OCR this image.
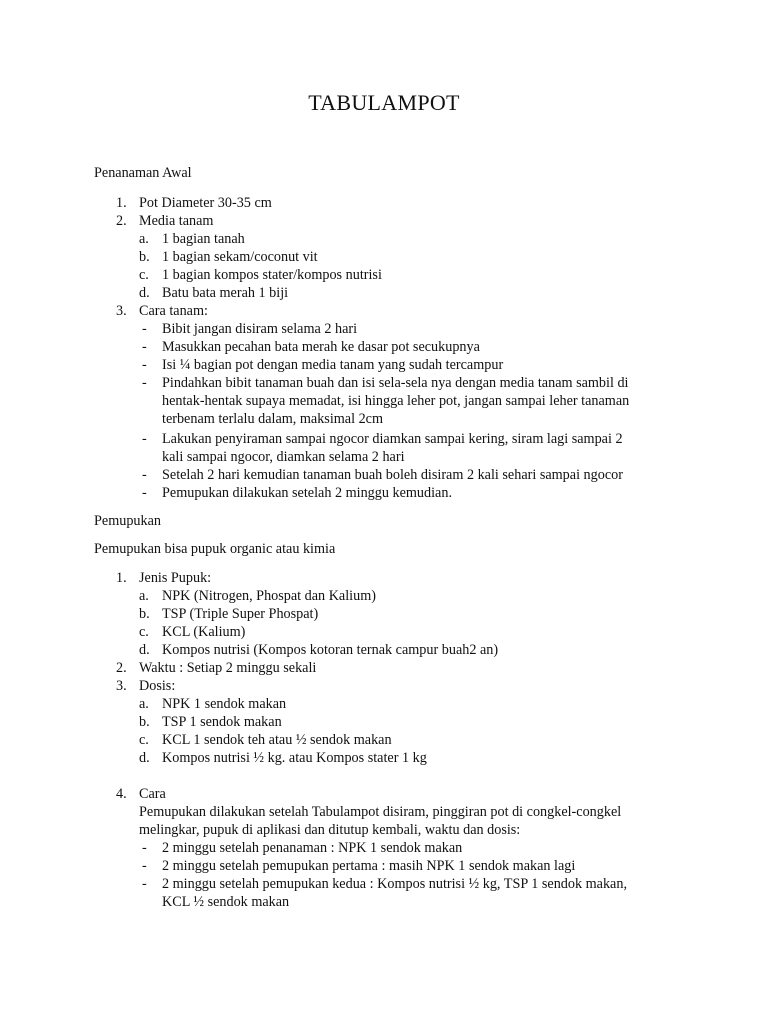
TABULAMPOT
Penanaman Awal
1. Pot Diameter 30-35 cm
2. Media tanam
a. 1 bagian tanah
b. 1 bagian sekam/coconut vit
c. 1 bagian kompos stater/kompos nutrisi
d. Batu bata merah 1 biji
3. Cara tanam:
- Bibit jangan disiram selama 2 hari
- Masukkan pecahan bata merah ke dasar pot secukupnya
- Isi ¼ bagian pot dengan media tanam yang sudah tercampur
- Pindahkan bibit tanaman buah dan isi sela-sela nya dengan media tanam sambil di
hentak-hentak supaya memadat, isi hingga leher pot, jangan sampai leher tanaman
terbenam terlalu dalam, maksimal 2cm
- Lakukan penyiraman sampai ngocor diamkan sampai kering, siram lagi sampai 2
kali sampai ngocor, diamkan selama 2 hari
- Setelah 2 hari kemudian tanaman buah boleh disiram 2 kali sehari sampai ngocor
- Pemupukan dilakukan setelah 2 minggu kemudian.
Pemupukan
Pemupukan bisa pupuk organic atau kimia
1. Jenis Pupuk:
a. NPK (Nitrogen, Phospat dan Kalium)
b. TSP (Triple Super Phospat)
c. KCL (Kalium)
d. Kompos nutrisi (Kompos kotoran ternak campur buah2 an)
2. Waktu : Setiap 2 minggu sekali
3. Dosis:
a. NPK 1 sendok makan
b. TSP 1 sendok makan
c. KCL 1 sendok teh atau ½ sendok makan
d. Kompos nutrisi ½ kg. atau Kompos stater 1 kg
4. Cara
Pemupukan dilakukan setelah Tabulampot disiram, pinggiran pot di congkel-congkel
melingkar, pupuk di aplikasi dan ditutup kembali, waktu dan dosis:
- 2 minggu setelah penanaman : NPK 1 sendok makan
- 2 minggu setelah pemupukan pertama : masih NPK 1 sendok makan lagi
- 2 minggu setelah pemupukan kedua : Kompos nutrisi ½ kg, TSP 1 sendok makan,
KCL ½ sendok makan
